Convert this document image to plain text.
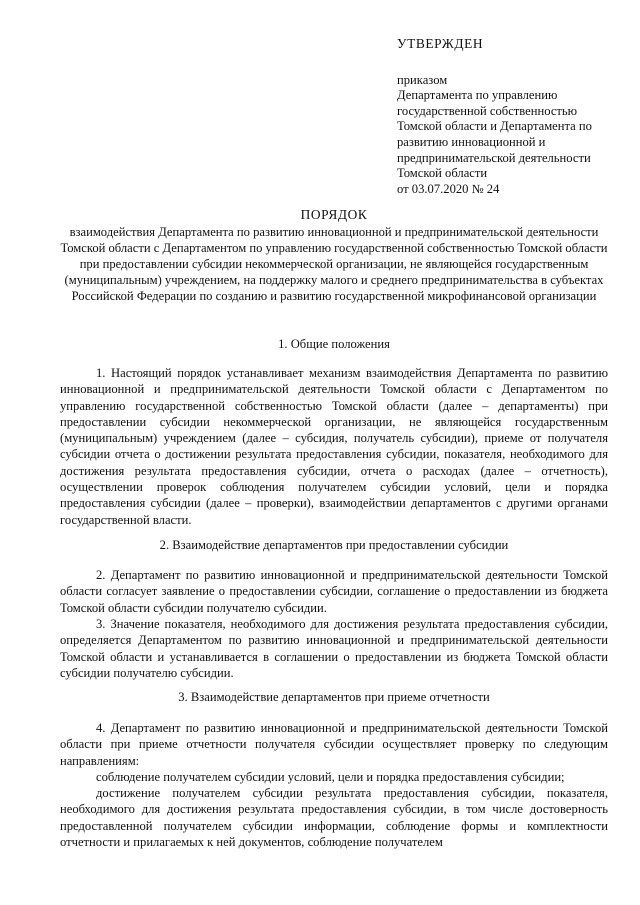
УТВЕРЖДЕН
приказом
Департамента по управлению
государственной собственностью
Томской области и Департамента по
развитию инновационной и
предпринимательской деятельности
Томской области
от 03.07.2020 № 24
ПОРЯДОК
взаимодействия Департамента по развитию инновационной и предпринимательской деятельности Томской области с Департаментом по управлению государственной собственностью Томской области при предоставлении субсидии некоммерческой организации, не являющейся государственным (муниципальным) учреждением, на поддержку малого и среднего предпринимательства в субъектах Российской Федерации по созданию и развитию государственной микрофинансовой организации
1. Общие положения
1. Настоящий порядок устанавливает механизм взаимодействия Департамента по развитию инновационной и предпринимательской деятельности Томской области с Департаментом по управлению государственной собственностью Томской области (далее – департаменты) при предоставлении субсидии некоммерческой организации, не являющейся государственным (муниципальным) учреждением (далее – субсидия, получатель субсидии), приеме от получателя субсидии отчета о достижении результата предоставления субсидии, показателя, необходимого для достижения результата предоставления субсидии, отчета о расходах (далее – отчетность), осуществлении проверок соблюдения получателем субсидии условий, цели и порядка предоставления субсидии (далее – проверки), взаимодействии департаментов с другими органами государственной власти.
2. Взаимодействие департаментов при предоставлении субсидии
2. Департамент по развитию инновационной и предпринимательской деятельности Томской области согласует заявление о предоставлении субсидии, соглашение о предоставлении из бюджета Томской области субсидии получателю субсидии.
3. Значение показателя, необходимого для достижения результата предоставления субсидии, определяется Департаментом по развитию инновационной и предпринимательской деятельности Томской области и устанавливается в соглашении о предоставлении из бюджета Томской области субсидии получателю субсидии.
3. Взаимодействие департаментов при приеме отчетности
4. Департамент по развитию инновационной и предпринимательской деятельности Томской области при приеме отчетности получателя субсидии осуществляет проверку по следующим направлениям:
соблюдение получателем субсидии условий, цели и порядка предоставления субсидии;
достижение получателем субсидии результата предоставления субсидии, показателя, необходимого для достижения результата предоставления субсидии, в том числе достоверность предоставленной получателем субсидии информации, соблюдение формы и комплектности отчетности и прилагаемых к ней документов, соблюдение получателем
